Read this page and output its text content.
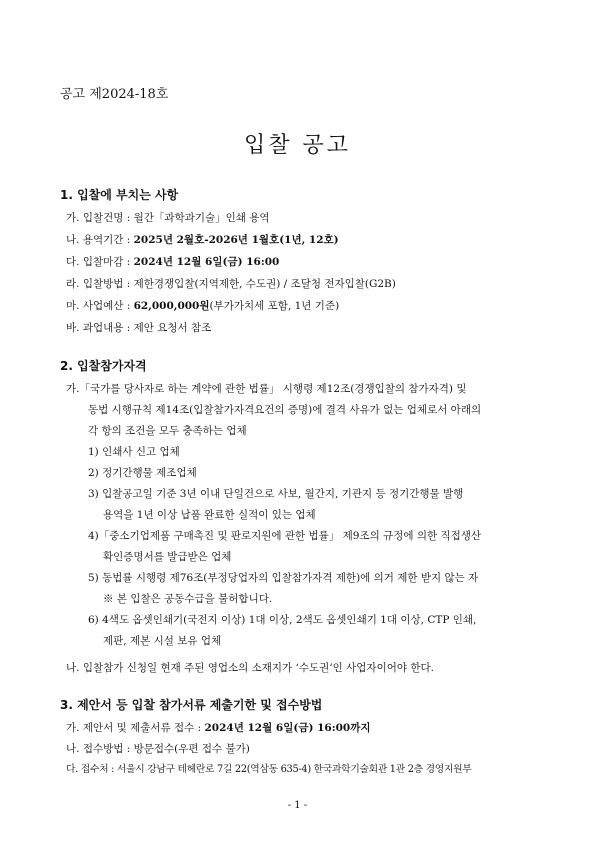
공고 제2024-18호
입찰 공고
1. 입찰에 부치는 사항
가. 입찰건명 : 월간「과학과기술」인쇄 용역
나. 용역기간 : 2025년 2월호-2026년 1월호(1년, 12호)
다. 입찰마감 : 2024년 12월 6일(금) 16:00
라. 입찰방법 : 제한경쟁입찰(지역제한, 수도권) / 조달청 전자입찰(G2B)
마. 사업예산 : 62,000,000원(부가가치세 포함, 1년 기준)
바. 과업내용 : 제안 요청서 참조
2. 입찰참가자격
가.「국가를 당사자로 하는 계약에 관한 법률」 시행령 제12조(경쟁입찰의 참가자격) 및
동법 시행규칙 제14조(입찰참가자격요건의 증명)에 결격 사유가 없는 업체로서 아래의
각 항의 조건을 모두 충족하는 업체
1) 인쇄사 신고 업체
2) 정기간행물 제조업체
3) 입찰공고일 기준 3년 이내 단일건으로 사보, 월간지, 기관지 등 정기간행물 발행
용역을 1년 이상 납품 완료한 실적이 있는 업체
4)「중소기업제품 구매촉진 및 판로지원에 관한 법률」 제9조의 규정에 의한 직접생산
확인증명서를 발급받은 업체
5) 동법률 시행령 제76조(부정당업자의 입찰참가자격 제한)에 의거 제한 받지 않는 자
※ 본 입찰은 공동수급을 불허합니다.
6) 4색도 옵셋인쇄기(국전지 이상) 1대 이상, 2색도 옵셋인쇄기 1대 이상, CTP 인쇄,
제판, 제본 시설 보유 업체
나. 입찰참가 신청일 현재 주된 영업소의 소재지가 ‘수도권’인 사업자이어야 한다.
3. 제안서 등 입찰 참가서류 제출기한 및 접수방법
가. 제안서 및 제출서류 접수 : 2024년 12월 6일(금) 16:00까지
나. 접수방법 : 방문접수(우편 접수 불가)
다. 접수처 : 서울시 강남구 테헤란로 7길 22(역삼동 635-4) 한국과학기술회관 1관 2층 경영지원부
- 1 -
